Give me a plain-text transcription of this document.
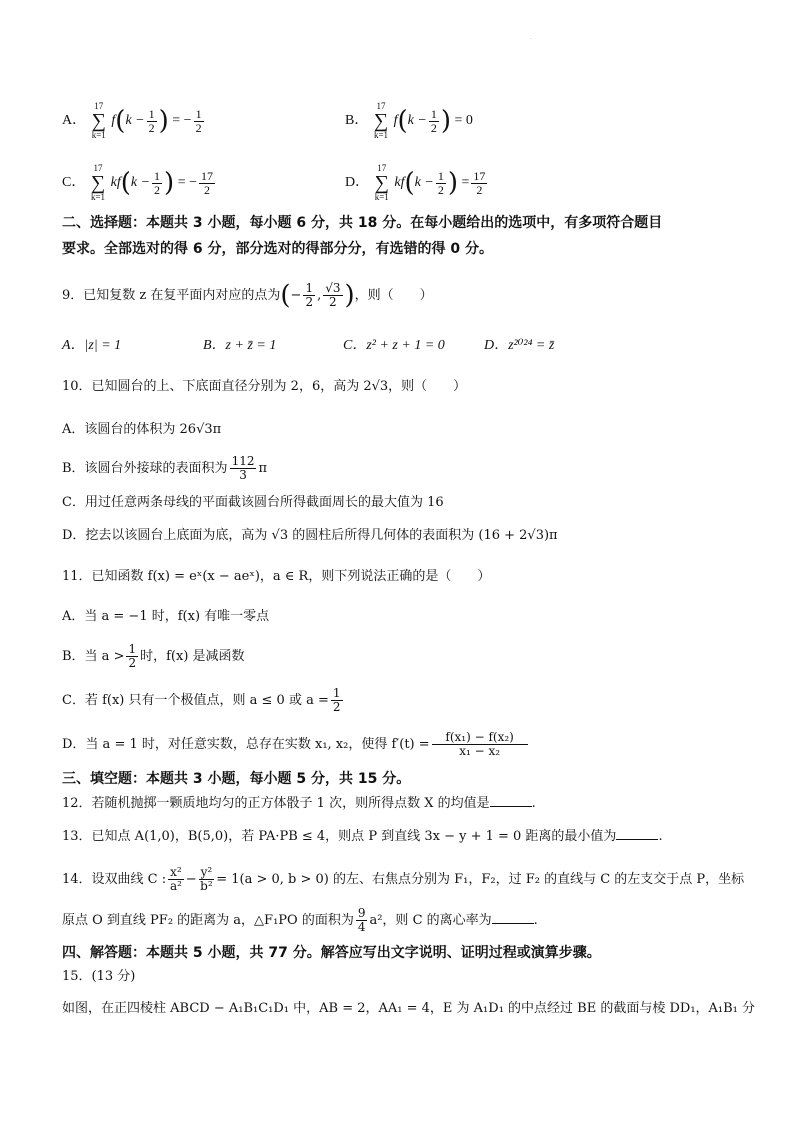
·
A．
17
∑
k=1
$f(k - \frac{1}{2}$ ) = − $\frac{1}{2}$	B．
17
∑
k=1
$f(k - \frac{1}{2}$ ) = 0
C．
17
∑
k=1
$kf(k - \frac{1}{2}$ ) = − $\frac{17}{2}$	D．
17
∑
k=1
$kf(k - \frac{1}{2}$ ) = $\frac{17}{2}$
二、选择题：本题共 3 小题，每小题 6 分，共 18 分。在每小题给出的选项中，有多项符合题目
要求。全部选对的得 6 分，部分选对的得部分分，有选错的得 0 分。
9．已知复数 z 在复平面内对应的点为(− $\frac{1}{2}$ , $\frac{√3}{2}$ )，则（　　）
A．|z| = 1	B．z + z̄ = 1	C．z² + z + 1 = 0	D．z²⁰²⁴ = z̄
10．已知圆台的上、下底面直径分别为 2，6，高为 2√3，则（　　）
A．该圆台的体积为 26√3π
B．该圆台外接球的表面积为 $\frac{112}{3}$ π
C．用过任意两条母线的平面截该圆台所得截面周长的最大值为 16
D．挖去以该圆台上底面为底，高为 √3 的圆柱后所得几何体的表面积为 (16 + 2√3)π
11．已知函数 f(x) = eˣ(x − aeˣ)，a ∈ R，则下列说法正确的是（　　）
A．当 a = −1 时，f(x) 有唯一零点
B．当 $a > \frac{1}{2}$ 时，f(x) 是减函数
C．若 f(x) 只有一个极值点，则 a ≤ 0 或 $a = \frac{1}{2}$
D．当 a = 1 时，对任意实数，总存在实数 x₁, x₂，使得 $f'(t) = \frac{\text{f(x₁) − f(x₂)}}{\text{x₁ − x₂}}$
三、填空题：本题共 3 小题，每小题 5 分，共 15 分。
12．若随机抛掷一颗质地均匀的正方体骰子 1 次，则所得点数 X 的均值是	.
13．已知点 A(1,0)，B(5,0)，若 PA·PB ≤ 4，则点 P 到直线 3x − y + 1 = 0 距离的最小值为	.
14．设双曲线 C : $\frac{\text{x²}}{\text{a²}} - \frac{\text{y²}}{\text{b²}} = 1(a > 0$, b > 0) 的左、右焦点分别为 F₁，F₂，过 F₂ 的直线与 C 的左支交于点 P，坐标
原点 O 到直线 PF₂ 的距离为 a，△F₁PO 的面积为 $\frac{9}{4} a^2$，则 C 的离心率为	.
四、解答题：本题共 5 小题，共 77 分。解答应写出文字说明、证明过程或演算步骤。
15．(13 分)
如图，在正四棱柱 ABCD − A₁B₁C₁D₁ 中，AB = 2，AA₁ = 4，E 为 A₁D₁ 的中点经过 BE 的截面与棱 DD₁，A₁B₁ 分
